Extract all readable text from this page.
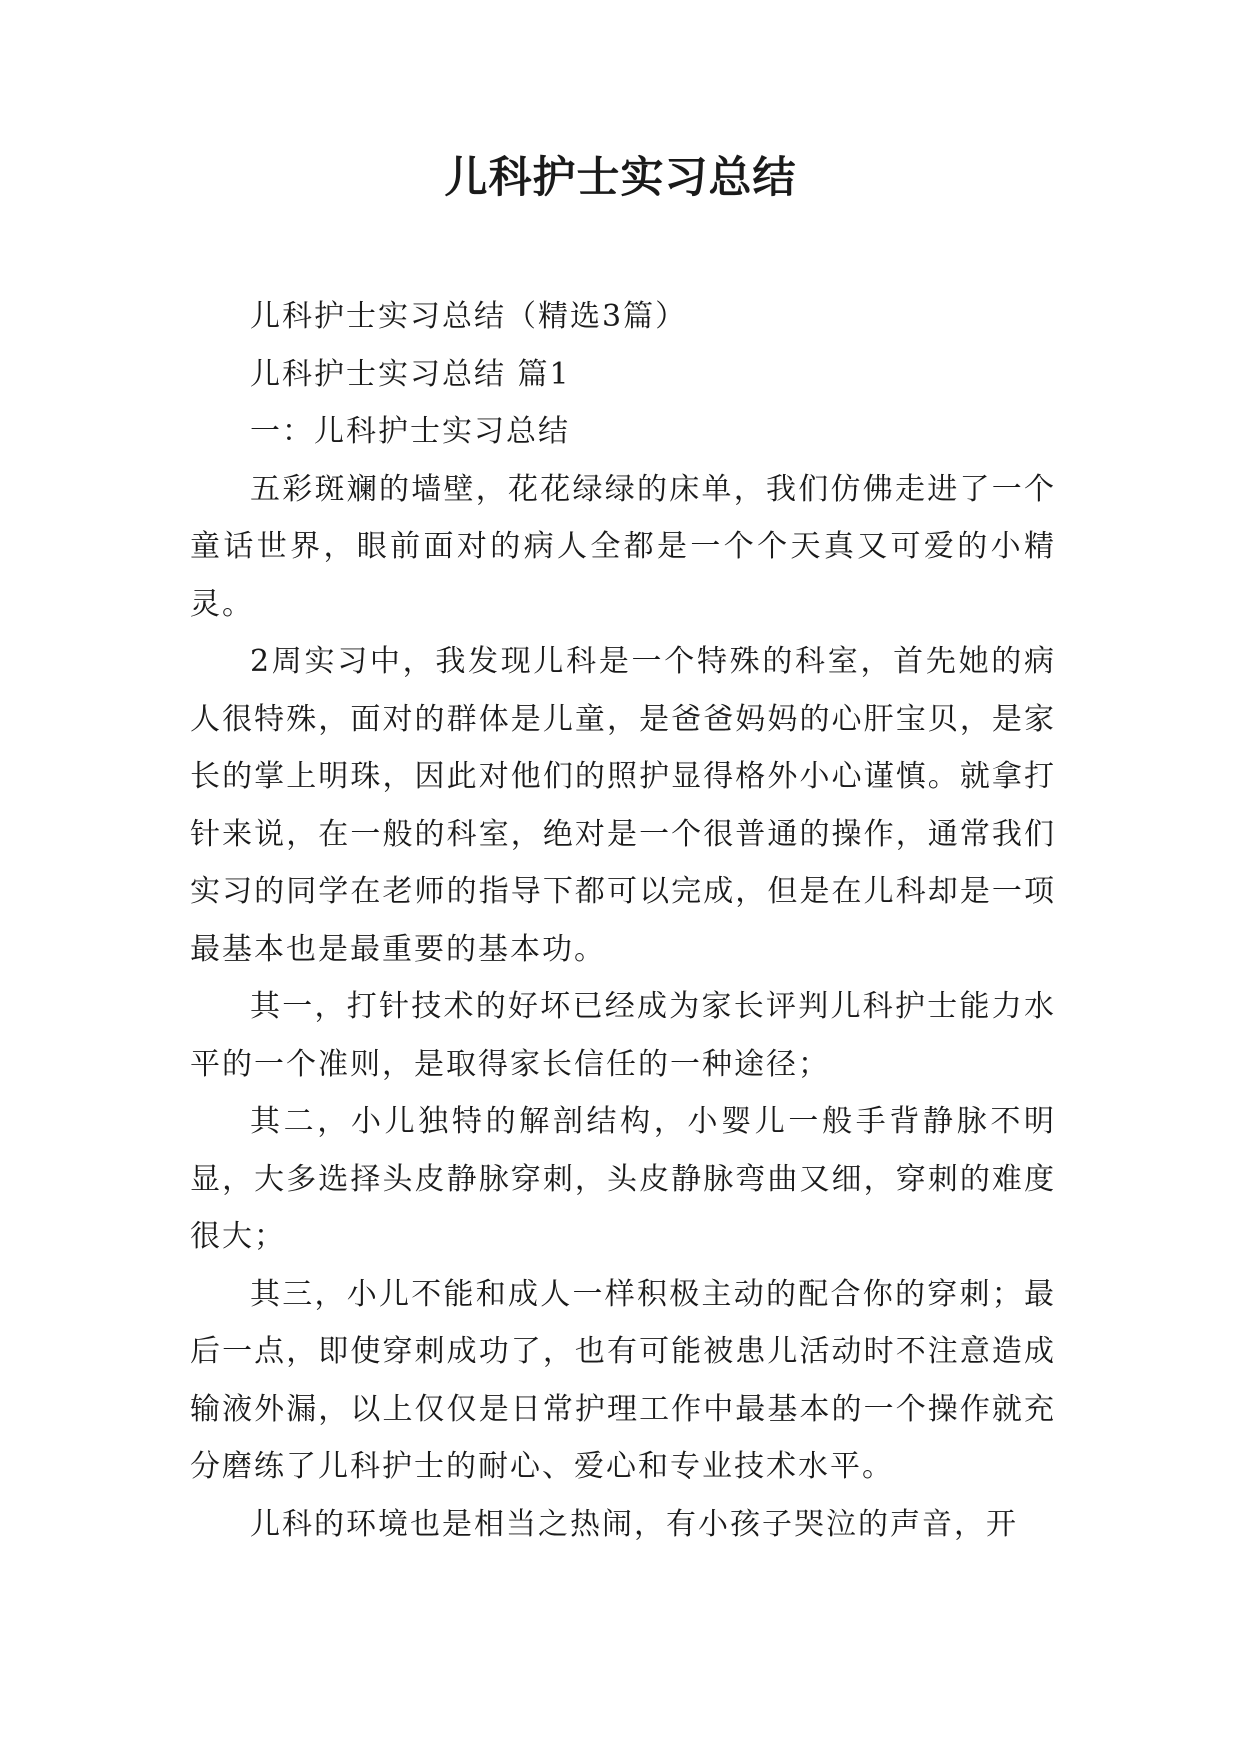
儿科护士实习总结

儿科护士实习总结（精选3篇）

儿科护士实习总结 篇1

一：儿科护士实习总结

五彩斑斓的墙壁，花花绿绿的床单，我们仿佛走进了一个童话世界，眼前面对的病人全都是一个个天真又可爱的小精灵。

2周实习中，我发现儿科是一个特殊的科室，首先她的病人很特殊，面对的群体是儿童，是爸爸妈妈的心肝宝贝，是家长的掌上明珠，因此对他们的照护显得格外小心谨慎。就拿打针来说，在一般的科室，绝对是一个很普通的操作，通常我们实习的同学在老师的指导下都可以完成，但是在儿科却是一项最基本也是最重要的基本功。

其一，打针技术的好坏已经成为家长评判儿科护士能力水平的一个准则，是取得家长信任的一种途径；

其二，小儿独特的解剖结构，小婴儿一般手背静脉不明显，大多选择头皮静脉穿刺，头皮静脉弯曲又细，穿刺的难度很大；

其三，小儿不能和成人一样积极主动的配合你的穿刺；最后一点，即使穿刺成功了，也有可能被患儿活动时不注意造成输液外漏，以上仅仅是日常护理工作中最基本的一个操作就充分磨练了儿科护士的耐心、爱心和专业技术水平。

儿科的环境也是相当之热闹，有小孩子哭泣的声音，开
